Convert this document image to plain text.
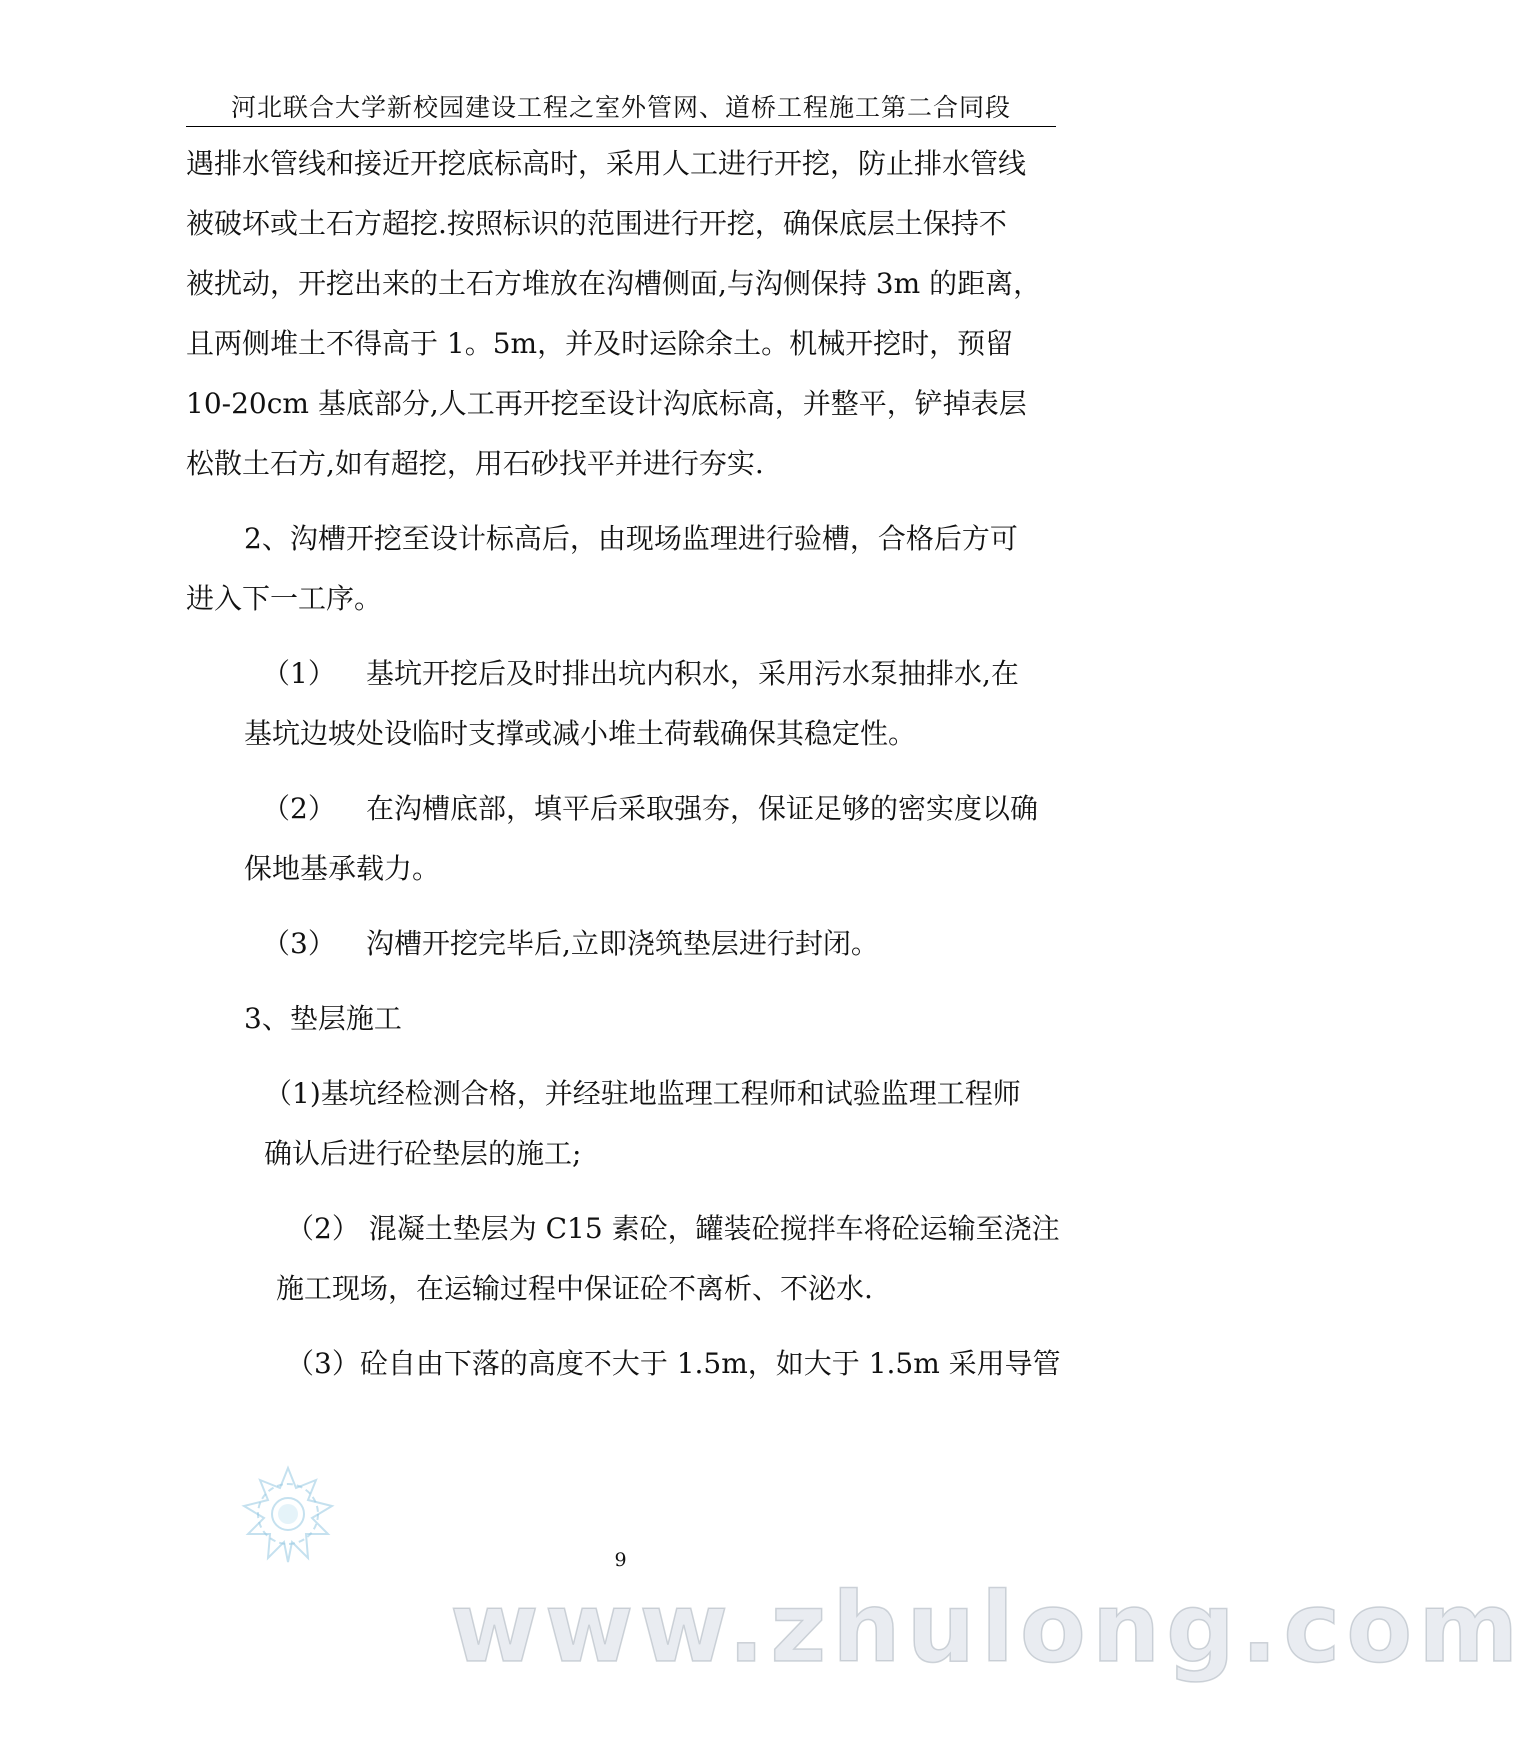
河北联合大学新校园建设工程之室外管网、道桥工程施工第二合同段
遇排水管线和接近开挖底标高时，采用人工进行开挖，防止排水管线
被破坏或土石方超挖.按照标识的范围进行开挖，确保底层土保持不
被扰动，开挖出来的土石方堆放在沟槽侧面,与沟侧保持 3m 的距离，
且两侧堆土不得高于 1。5m，并及时运除余土。机械开挖时，预留
10-20cm 基底部分,人工再开挖至设计沟底标高，并整平，铲掉表层
松散土石方,如有超挖，用石砂找平并进行夯实.
2、沟槽开挖至设计标高后，由现场监理进行验槽，合格后方可
进入下一工序。
（1） 基坑开挖后及时排出坑内积水，采用污水泵抽排水,在
基坑边坡处设临时支撑或减小堆土荷载确保其稳定性。
（2） 在沟槽底部，填平后采取强夯，保证足够的密实度以确
保地基承载力。
（3） 沟槽开挖完毕后,立即浇筑垫层进行封闭。
3、垫层施工
（1)基坑经检测合格，并经驻地监理工程师和试验监理工程师
确认后进行砼垫层的施工;
（2） 混凝土垫层为 C15 素砼，罐装砼搅拌车将砼运输至浇注
施工现场，在运输过程中保证砼不离析、不泌水.
（3）砼自由下落的高度不大于 1.5m，如大于 1.5m 采用导管
9
www.zhulong.com
